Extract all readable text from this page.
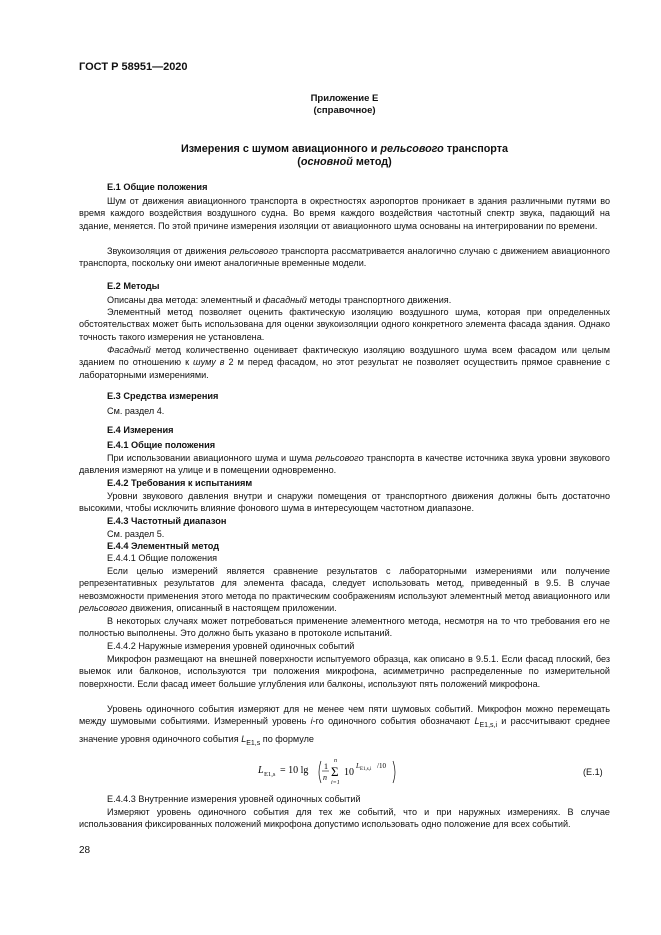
ГОСТ Р 58951—2020
Приложение Е
(справочное)
Измерения с шумом авиационного и рельсового транспорта
(основной метод)
Е.1 Общие положения
Шум от движения авиационного транспорта в окрестностях аэропортов проникает в здания различными путями во время каждого воздействия воздушного судна. Во время каждого воздействия частотный спектр звука, падающий на здание, меняется. По этой причине измерения изоляции от авиационного шума основаны на интегрировании по времени.
Звукоизоляция от движения рельсового транспорта рассматривается аналогично случаю с движением авиационного транспорта, поскольку они имеют аналогичные временные модели.
Е.2 Методы
Описаны два метода: элементный и фасадный методы транспортного движения.
Элементный метод позволяет оценить фактическую изоляцию воздушного шума, которая при определенных обстоятельствах может быть использована для оценки звукоизоляции одного конкретного элемента фасада здания. Однако точность такого измерения не установлена.
Фасадный метод количественно оценивает фактическую изоляцию воздушного шума всем фасадом или целым зданием по отношению к шуму в 2 м перед фасадом, но этот результат не позволяет осуществить прямое сравнение с лабораторными измерениями.
Е.3 Средства измерения
См. раздел 4.
Е.4 Измерения
Е.4.1 Общие положения
При использовании авиационного шума и шума рельсового транспорта в качестве источника звука уровни звукового давления измеряют на улице и в помещении одновременно.
Е.4.2 Требования к испытаниям
Уровни звукового давления внутри и снаружи помещения от транспортного движения должны быть достаточно высокими, чтобы исключить влияние фонового шума в интересующем частотном диапазоне.
Е.4.3 Частотный диапазон
См. раздел 5.
Е.4.4 Элементный метод
Е.4.4.1 Общие положения
Если целью измерений является сравнение результатов с лабораторными измерениями или получение репрезентативных результатов для элемента фасада, следует использовать метод, приведенный в 9.5. В случае невозможности применения этого метода по практическим соображениям используют элементный метод авиационного или рельсового движения, описанный в настоящем приложении.
В некоторых случаях может потребоваться применение элементного метода, несмотря на то что требования его не полностью выполнены. Это должно быть указано в протоколе испытаний.
Е.4.4.2 Наружные измерения уровней одиночных событий
Микрофон размещают на внешней поверхности испытуемого образца, как описано в 9.5.1. Если фасад плоский, без выемок или балконов, используются три положения микрофона, асимметрично распределенные по измерительной поверхности. Если фасад имеет большие углубления или балконы, используют пять положений микрофона.
Уровень одиночного события измеряют для не менее чем пяти шумовых событий. Микрофон можно перемещать между шумовыми событиями. Измеренный уровень i-го одиночного события обозначают $L_{E1,s,i}$ и рассчитывают среднее значение уровня одиночного события $L_{E1,s}$ по формуле
L E1,s = 10 lg 1
n
n
Σ
i=1
10
L E1,s,i /10
(Е.1)
Е.4.4.3 Внутренние измерения уровней одиночных событий
Измеряют уровень одиночного события для тех же событий, что и при наружных измерениях. В случае использования фиксированных положений микрофона допустимо использовать одно положение для всех событий.
28
